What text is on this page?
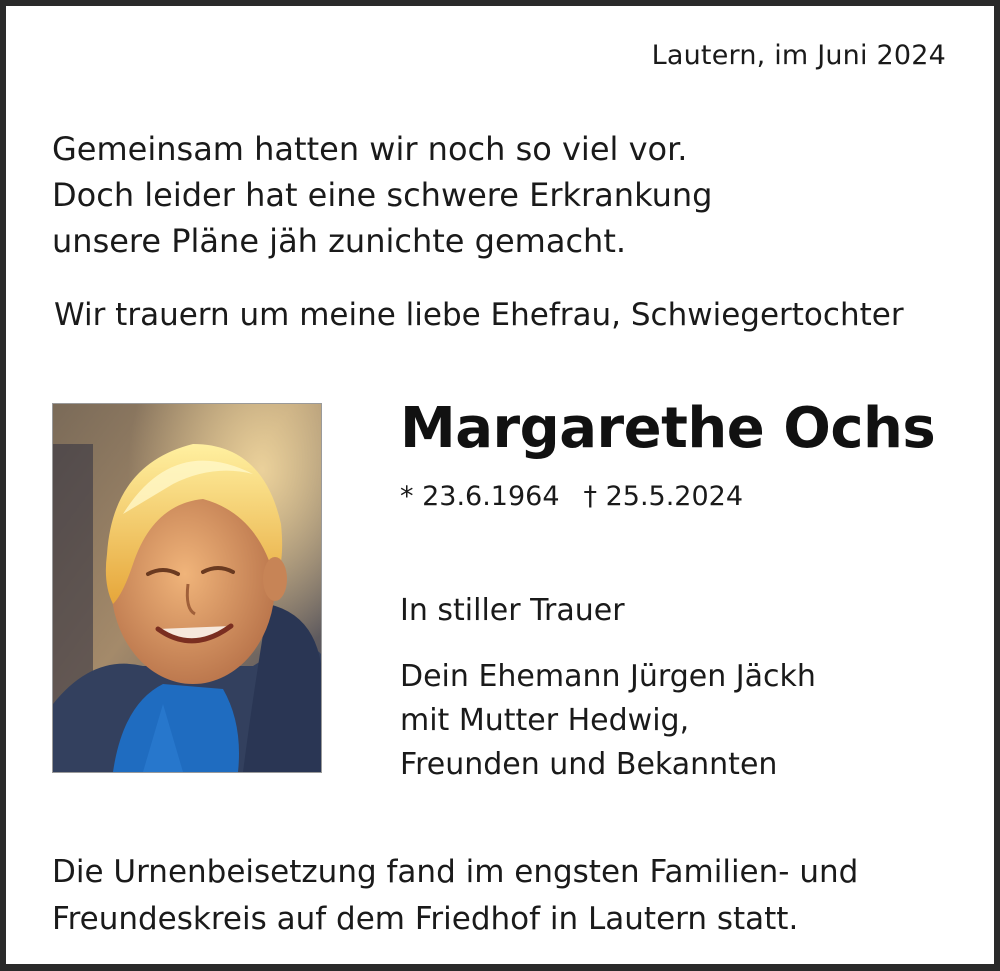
Lautern, im Juni 2024
Gemeinsam hatten wir noch so viel vor.
Doch leider hat eine schwere Erkrankung
unsere Pläne jäh zunichte gemacht.
Wir trauern um meine liebe Ehefrau, Schwiegertochter
Margarethe Ochs
* 23.6.1964 † 25.5.2024
In stiller Trauer
Dein Ehemann Jürgen Jäckh
mit Mutter Hedwig,
Freunden und Bekannten
Die Urnenbeisetzung fand im engsten Familien- und
Freundeskreis auf dem Friedhof in Lautern statt.
